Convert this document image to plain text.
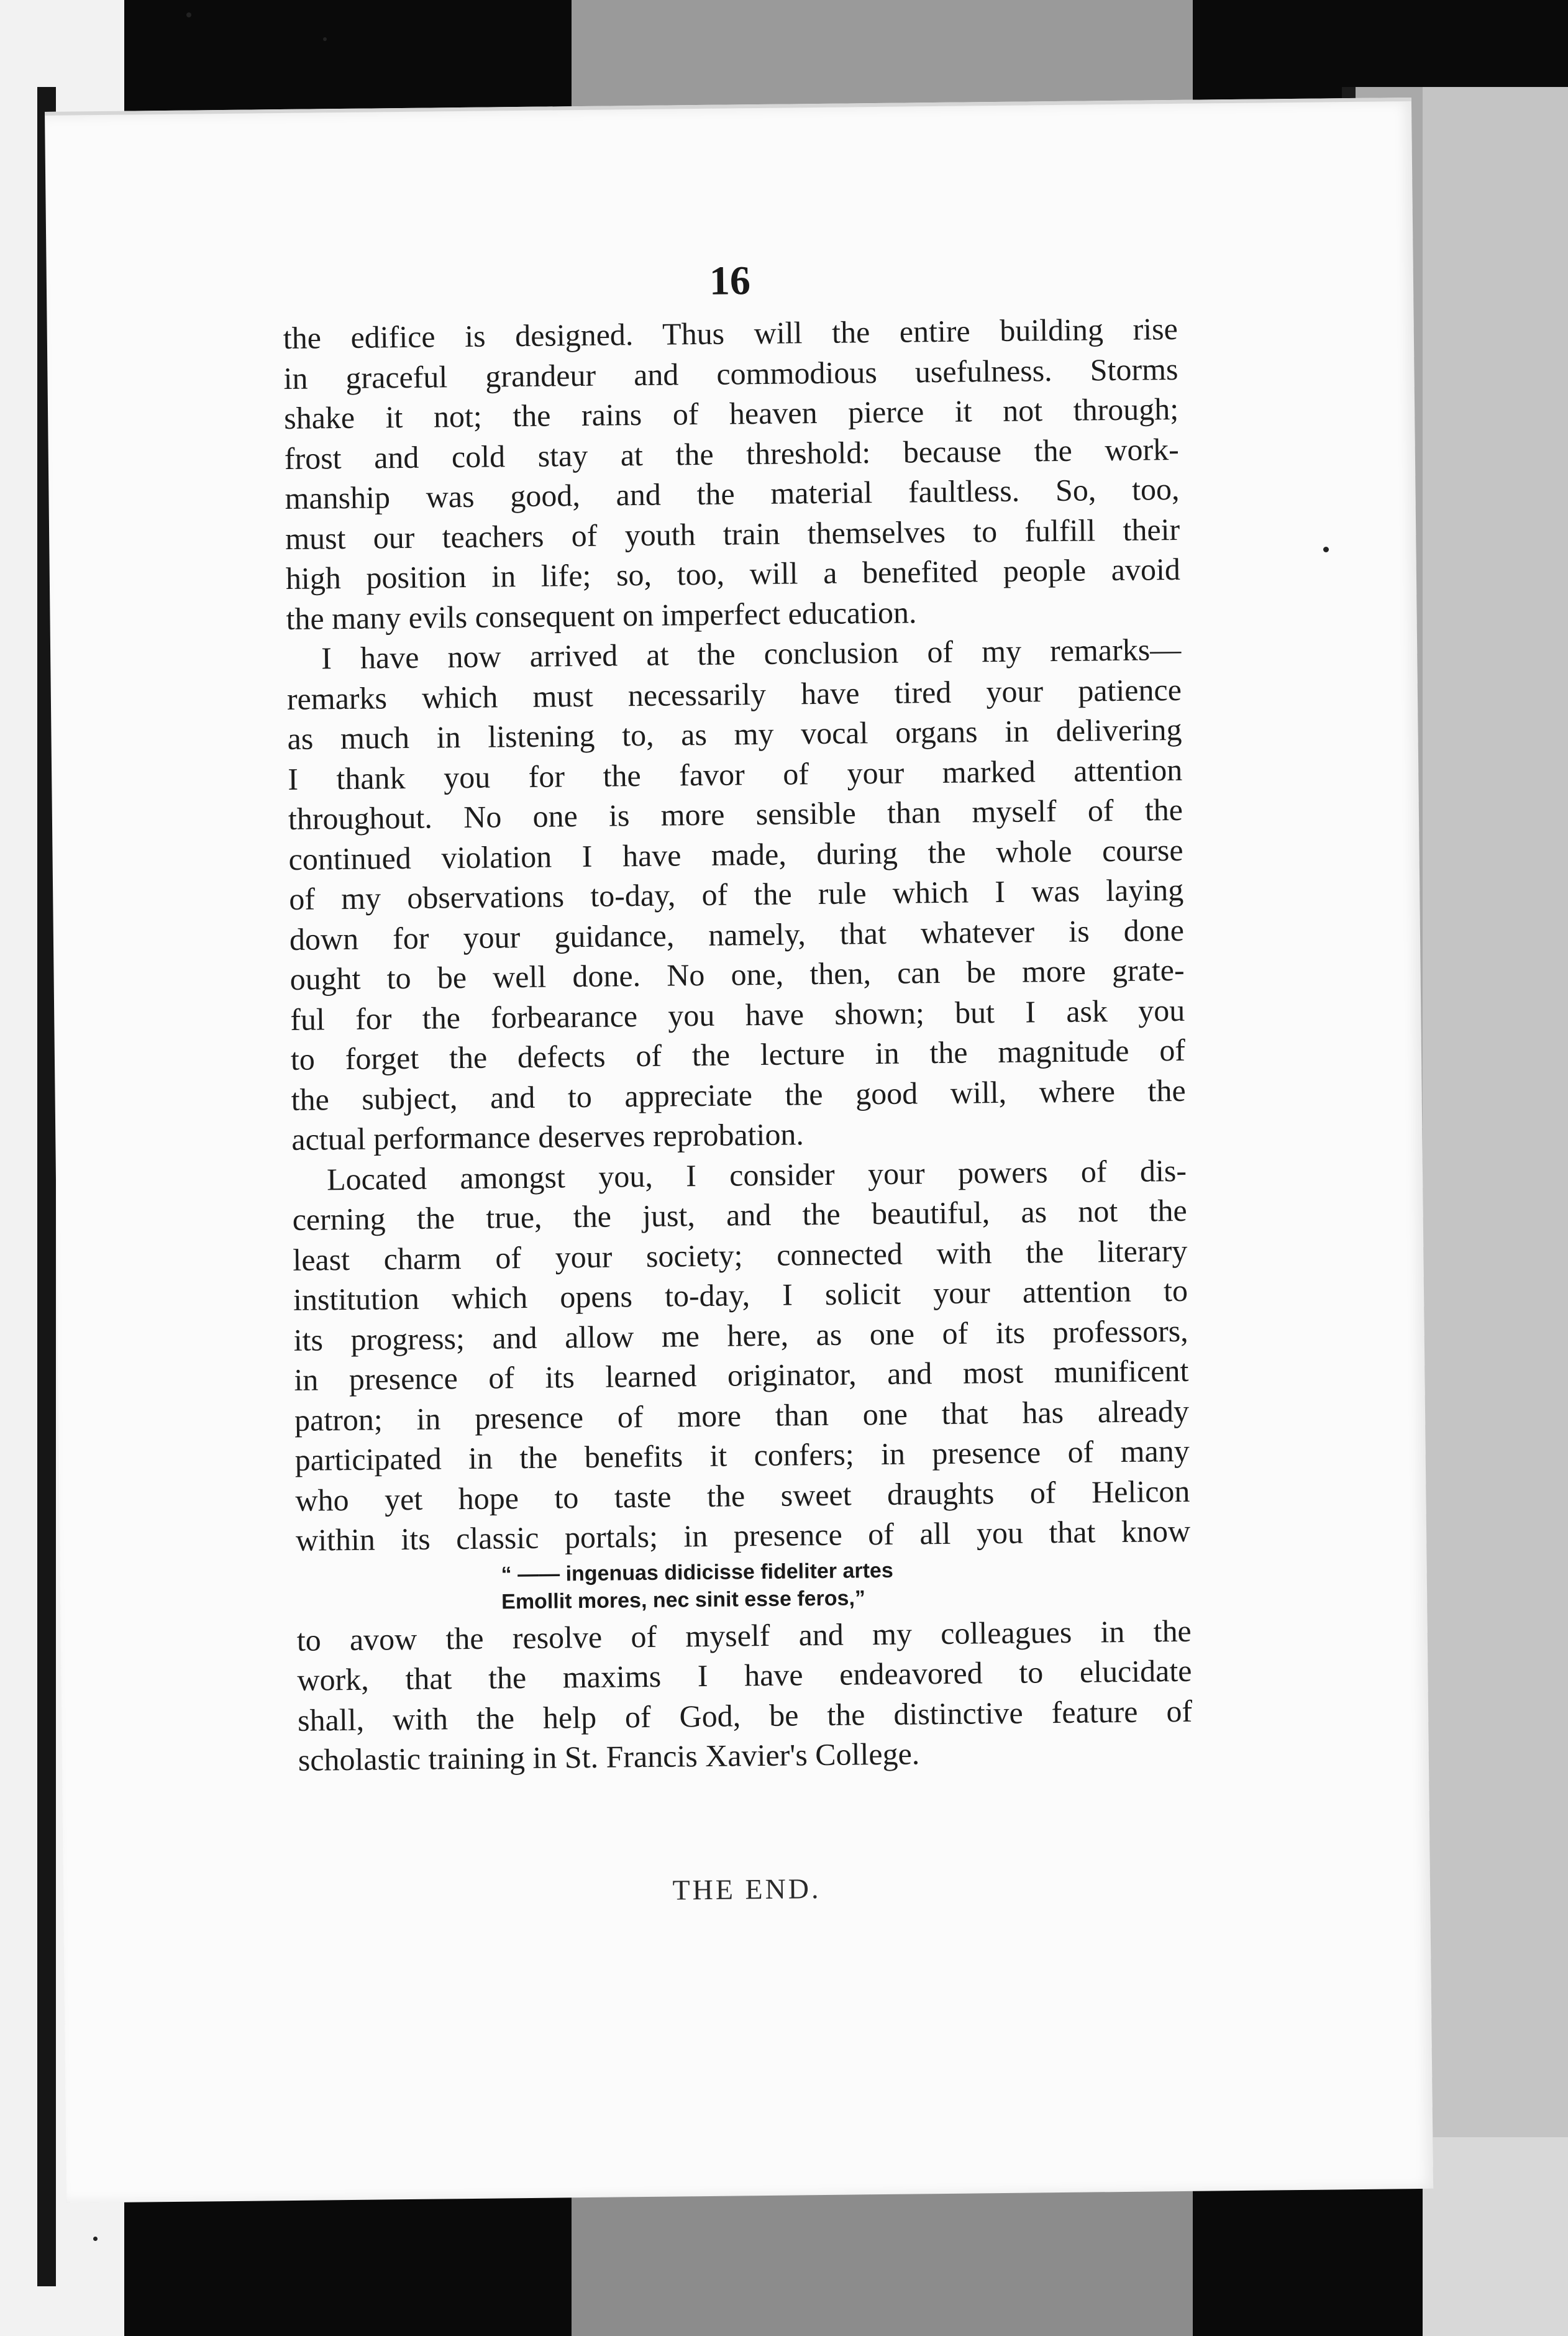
16
the edifice is designed. Thus will the entire building rise
in graceful grandeur and commodious usefulness. Storms
shake it not; the rains of heaven pierce it not through;
frost and cold stay at the threshold: because the work-
manship was good, and the material faultless. So, too,
must our teachers of youth train themselves to fulfill their
high position in life; so, too, will a benefited people avoid
the many evils consequent on imperfect education.
I have now arrived at the conclusion of my remarks—
remarks which must necessarily have tired your patience
as much in listening to, as my vocal organs in delivering
I thank you for the favor of your marked attention
throughout. No one is more sensible than myself of the
continued violation I have made, during the whole course
of my observations to-day, of the rule which I was laying
down for your guidance, namely, that whatever is done
ought to be well done. No one, then, can be more grate-
ful for the forbearance you have shown; but I ask you
to forget the defects of the lecture in the magnitude of
the subject, and to appreciate the good will, where the
actual performance deserves reprobation.
Located amongst you, I consider your powers of dis-
cerning the true, the just, and the beautiful, as not the
least charm of your society; connected with the literary
institution which opens to-day, I solicit your attention to
its progress; and allow me here, as one of its professors,
in presence of its learned originator, and most munificent
patron; in presence of more than one that has already
participated in the benefits it confers; in presence of many
who yet hope to taste the sweet draughts of Helicon
within its classic portals; in presence of all you that know
“ —— ingenuas didicisse fideliter artes
Emollit mores, nec sinit esse feros,”
to avow the resolve of myself and my colleagues in the
work, that the maxims I have endeavored to elucidate
shall, with the help of God, be the distinctive feature of
scholastic training in St. Francis Xavier's College.
THE END.
